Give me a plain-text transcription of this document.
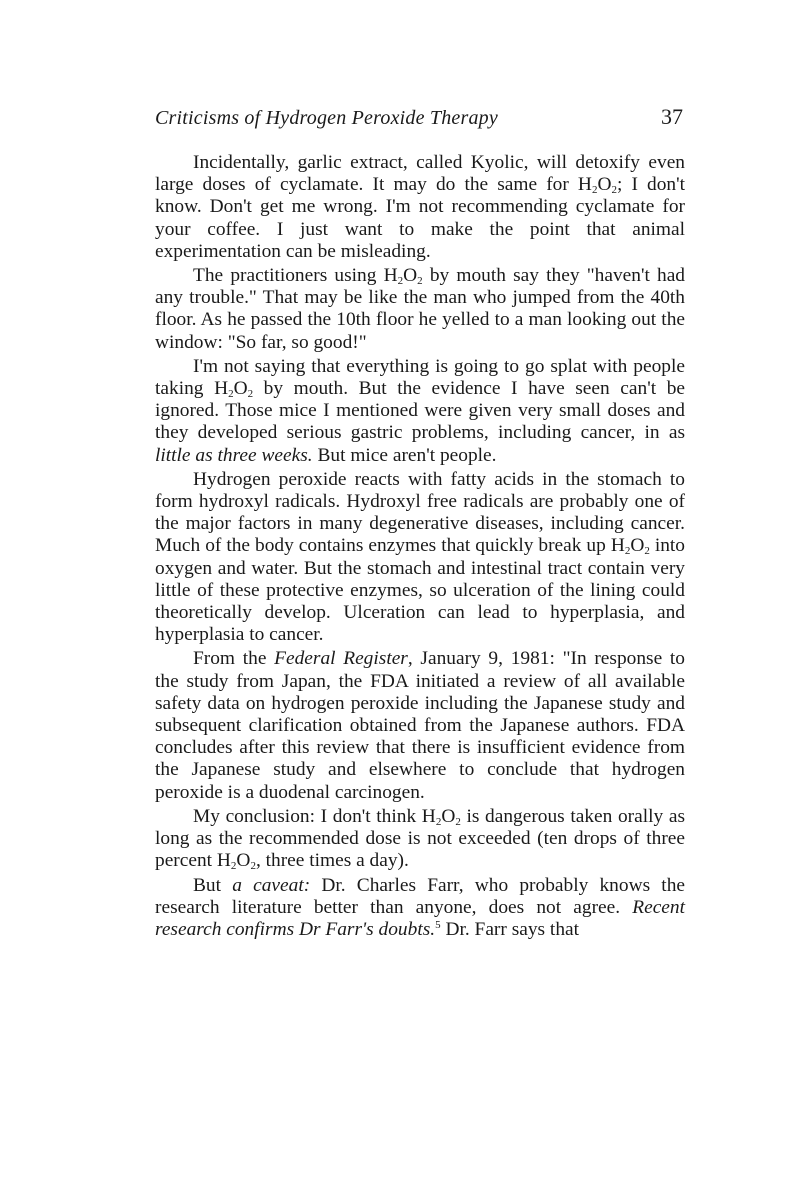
Criticisms of Hydrogen Peroxide Therapy	37

Incidentally, garlic extract, called Kyolic, will detoxify even large doses of cyclamate. It may do the same for $H_2O_2$; I don't know. Don't get me wrong. I'm not recommending cyclamate for your coffee. I just want to make the point that animal experimentation can be misleading.

The practitioners using $H_2O_2$ by mouth say they "haven't had any trouble." That may be like the man who jumped from the 40th floor. As he passed the 10th floor he yelled to a man looking out the window: "So far, so good!"

I'm not saying that everything is going to go splat with people taking $H_2O_2$ by mouth. But the evidence I have seen can't be ignored. Those mice I mentioned were given very small doses and they developed serious gastric problems, including cancer, in as little as three weeks. But mice aren't people.

Hydrogen peroxide reacts with fatty acids in the stomach to form hydroxyl radicals. Hydroxyl free radicals are probably one of the major factors in many degenerative diseases, including cancer. Much of the body contains enzymes that quickly break up $H_2O_2$ into oxygen and water. But the stomach and intestinal tract contain very little of these protective enzymes, so ulceration of the lining could theoretically develop. Ulceration can lead to hyperplasia, and hyperplasia to cancer.

From the Federal Register, January 9, 1981: "In response to the study from Japan, the FDA initiated a review of all available safety data on hydrogen peroxide including the Japanese study and subsequent clarification obtained from the Japanese authors. FDA concludes after this review that there is insufficient evidence from the Japanese study and elsewhere to conclude that hydrogen peroxide is a duodenal carcinogen.

My conclusion: I don't think $H_2O_2$ is dangerous taken orally as long as the recommended dose is not exceeded (ten drops of three percent $H_2O_2$, three times a day).

But a caveat: Dr. Charles Farr, who probably knows the research literature better than anyone, does not agree. Recent research confirms Dr Farr's doubts.$^5$ Dr. Farr says that
